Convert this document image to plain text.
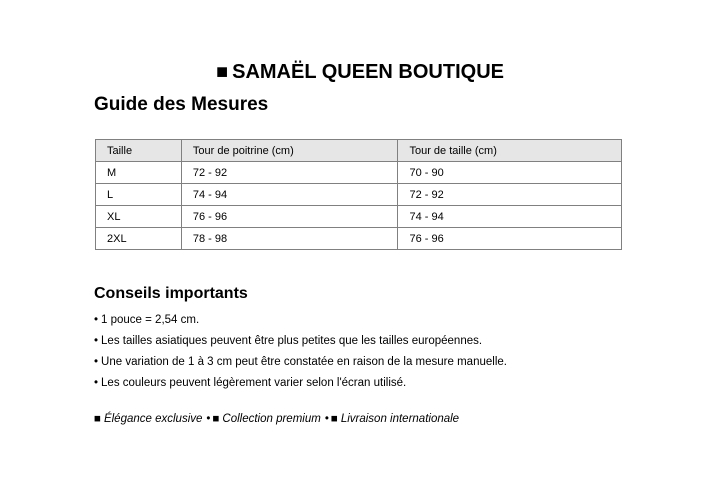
■ SAMAËL QUEEN BOUTIQUE
Guide des Mesures
Taille	Tour de poitrine (cm)	Tour de taille (cm)
M	72 - 92	70 - 90
L	74 - 94	72 - 92
XL	76 - 96	74 - 94
2XL	78 - 98	76 - 96
Conseils importants
• 1 pouce = 2,54 cm.
• Les tailles asiatiques peuvent être plus petites que les tailles européennes.
• Une variation de 1 à 3 cm peut être constatée en raison de la mesure manuelle.
• Les couleurs peuvent légèrement varier selon l'écran utilisé.
■ Élégance exclusive • ■ Collection premium • ■ Livraison internationale
